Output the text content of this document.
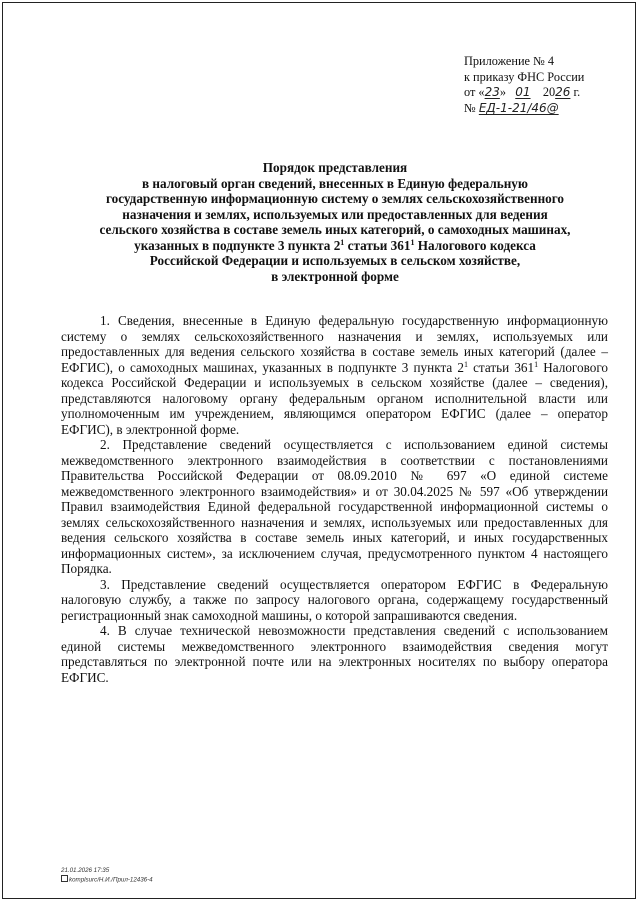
Приложение № 4
к приказу ФНС России
от «23» 01 2026 г.
№ ЕД-1-21/46@
Порядок представления
в налоговый орган сведений, внесенных в Единую федеральную
государственную информационную систему о землях сельскохозяйственного
назначения и землях, используемых или предоставленных для ведения
сельского хозяйства в составе земель иных категорий, о самоходных машинах,
указанных в подпункте 3 пункта $2^1$ статьи $361^1$ Налогового кодекса
Российской Федерации и используемых в сельском хозяйстве,
в электронной форме

1. Сведения, внесенные в Единую федеральную государственную информационную систему о землях сельскохозяйственного назначения и землях, используемых или предоставленных для ведения сельского хозяйства в составе земель иных категорий (далее – ЕФГИС), о самоходных машинах, указанных в подпункте 3 пункта $2^1$ статьи $361^1$ Налогового кодекса Российской Федерации и используемых в сельском хозяйстве (далее – сведения), представляются налоговому органу федеральным органом исполнительной власти или уполномоченным им учреждением, являющимся оператором ЕФГИС (далее – оператор ЕФГИС), в электронной форме.

2. Представление сведений осуществляется с использованием единой системы межведомственного электронного взаимодействия в соответствии с постановлениями Правительства Российской Федерации от 08.09.2010 № 697 «О единой системе межведомственного электронного взаимодействия» и от 30.04.2025 № 597 «Об утверждении Правил взаимодействия Единой федеральной государственной информационной системы о землях сельскохозяйственного назначения и землях, используемых или предоставленных для ведения сельского хозяйства в составе земель иных категорий, и иных государственных информационных систем», за исключением случая, предусмотренного пунктом 4 настоящего Порядка.

3. Представление сведений осуществляется оператором ЕФГИС в Федеральную налоговую службу, а также по запросу налогового органа, содержащему государственный регистрационный знак самоходной машины, о которой запрашиваются сведения.

4. В случае технической невозможности представления сведений с использованием единой системы межведомственного электронного взаимодействия сведения могут представляться по электронной почте или на электронных носителях по выбору оператора ЕФГИС.

21.01.2026 17:35
komplsurc/Н.И./Прил-12436-4
